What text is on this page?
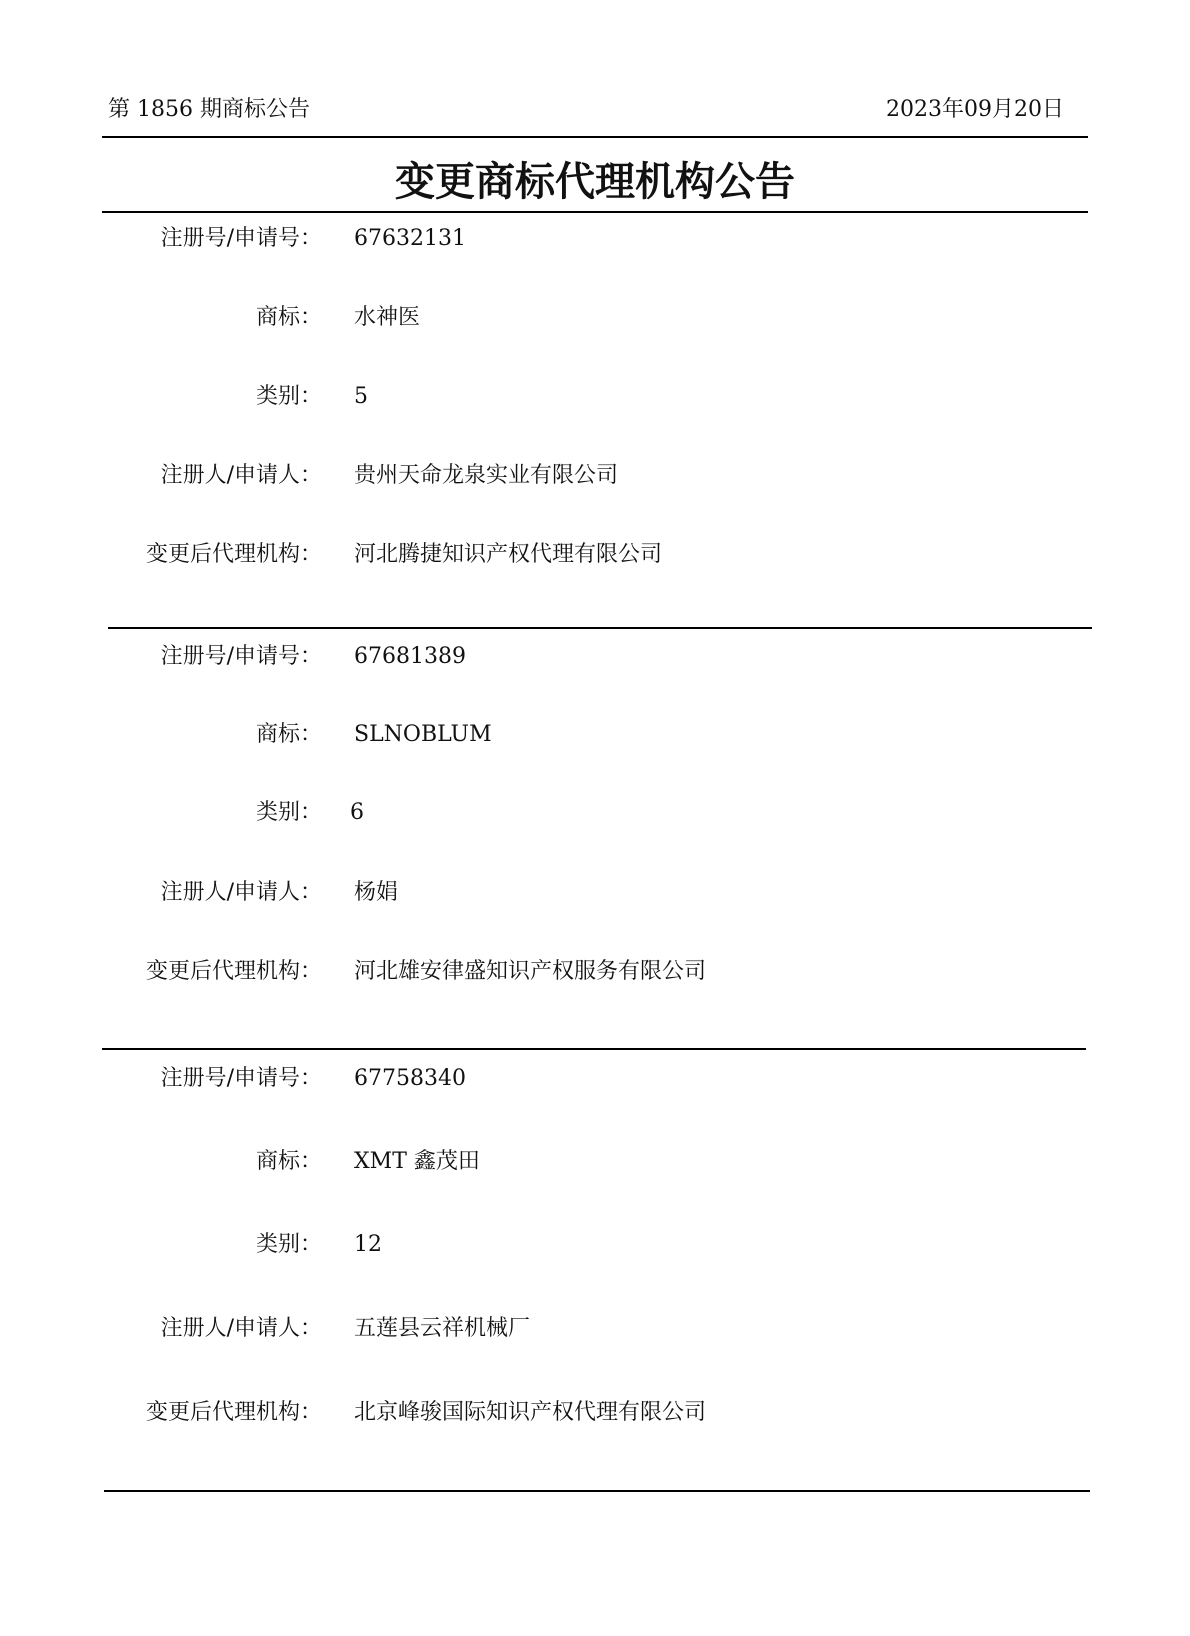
第 1856 期商标公告	2023年09月20日
变更商标代理机构公告
注册号/申请号： 67632131
商标： 水神医
类别： 5
注册人/申请人： 贵州天命龙泉实业有限公司
变更后代理机构： 河北腾捷知识产权代理有限公司
注册号/申请号： 67681389
商标： SLNOBLUM
类别： 6
注册人/申请人： 杨娟
变更后代理机构： 河北雄安律盛知识产权服务有限公司
注册号/申请号： 67758340
商标： XMT 鑫茂田
类别： 12
注册人/申请人： 五莲县云祥机械厂
变更后代理机构： 北京峰骏国际知识产权代理有限公司
